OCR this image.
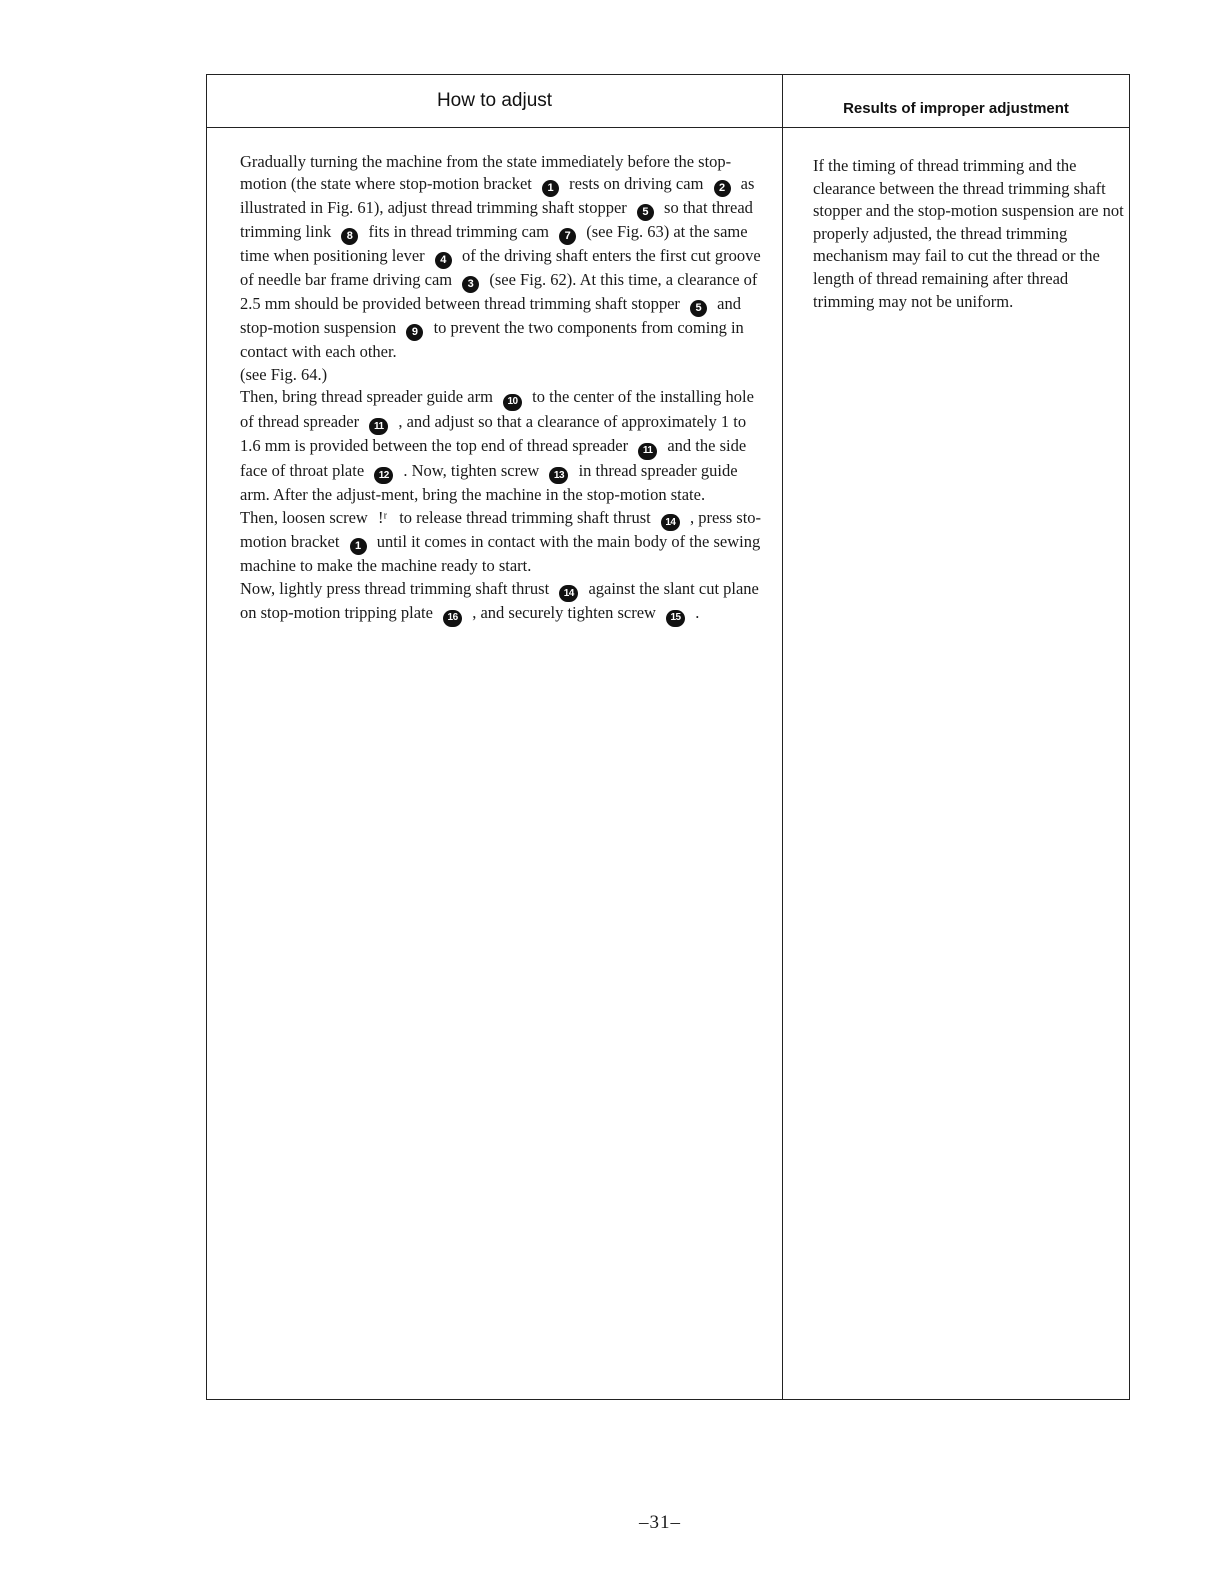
How to adjust	Results of improper adjustment

Gradually turning the machine from the state immediately before the stop-motion (the state where stop-motion bracket 1 rests on driving cam 2 as illustrated in Fig. 61), adjust thread trimming shaft stopper 5 so that thread trimming link 8 fits in thread trimming cam 7 (see Fig. 63) at the same time when positioning lever 4 of the driving shaft enters the first cut groove of needle bar frame driving cam 3 (see Fig. 62). At this time, a clearance of 2.5 mm should be provided between thread trimming shaft stopper 5 and stop-motion suspension 9 to prevent the two components from coming in contact with each other.

(see Fig. 64.)

Then, bring thread spreader guide arm 10 to the center of the installing hole of thread spreader 11 , and adjust so that a clearance of approximately 1 to 1.6 mm is provided between the top end of thread spreader 11 and the side face of throat plate 12 . Now, tighten screw 13 in thread spreader guide arm. After the adjust-ment, bring the machine in the stop-motion state.

Then, loosen screw !ʳ to release thread trimming shaft thrust 14 , press sto-motion bracket 1 until it comes in contact with the main body of the sewing machine to make the machine ready to start.

Now, lightly press thread trimming shaft thrust 14 against the slant cut plane on stop-motion tripping plate 16 , and securely tighten screw 15 .

If the timing of thread trimming and the clearance between the thread trimming shaft stopper and the stop-motion suspension are not properly adjusted, the thread trimming mechanism may fail to cut the thread or the length of thread remaining after thread trimming may not be uniform.

–31–
